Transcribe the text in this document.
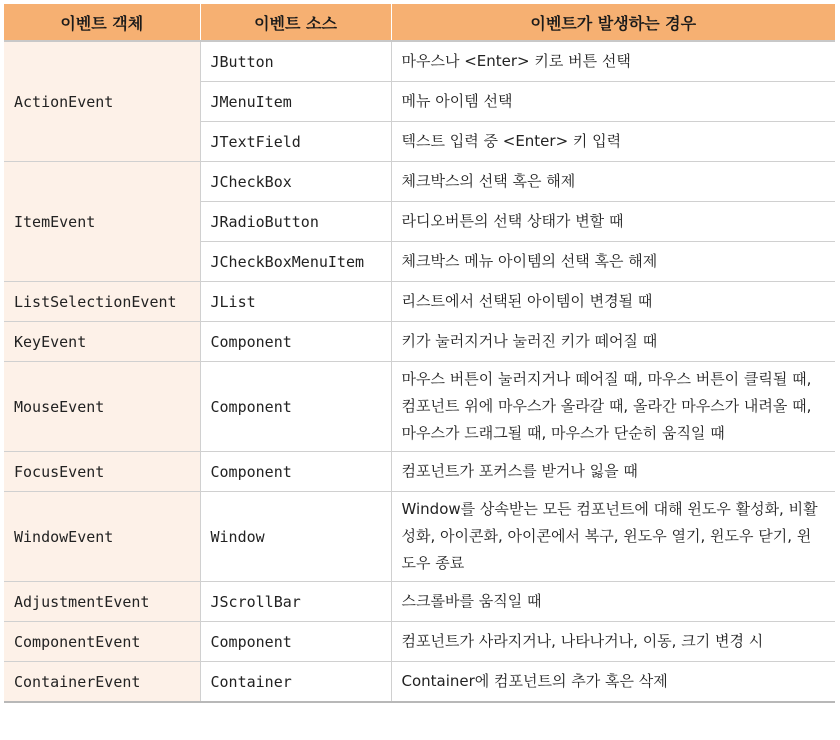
이벤트 객체	이벤트 소스	이벤트가 발생하는 경우
ActionEvent	JButton	마우스나 <Enter> 키로 버튼 선택
	JMenuItem	메뉴 아이템 선택
	JTextField	텍스트 입력 중 <Enter> 키 입력
ItemEvent	JCheckBox	체크박스의 선택 혹은 해제
	JRadioButton	라디오버튼의 선택 상태가 변할 때
	JCheckBoxMenuItem	체크박스 메뉴 아이템의 선택 혹은 해제
ListSelectionEvent	JList	리스트에서 선택된 아이템이 변경될 때
KeyEvent	Component	키가 눌러지거나 눌러진 키가 떼어질 때
MouseEvent	Component	마우스 버튼이 눌러지거나 떼어질 때, 마우스 버튼이 클릭될 때, 컴포넌트 위에 마우스가 올라갈 때, 올라간 마우스가 내려올 때, 마우스가 드래그될 때, 마우스가 단순히 움직일 때
FocusEvent	Component	컴포넌트가 포커스를 받거나 잃을 때
WindowEvent	Window	Window를 상속받는 모든 컴포넌트에 대해 윈도우 활성화, 비활성화, 아이콘화, 아이콘에서 복구, 윈도우 열기, 윈도우 닫기, 윈도우 종료
AdjustmentEvent	JScrollBar	스크롤바를 움직일 때
ComponentEvent	Component	컴포넌트가 사라지거나, 나타나거나, 이동, 크기 변경 시
ContainerEvent	Container	Container에 컴포넌트의 추가 혹은 삭제
